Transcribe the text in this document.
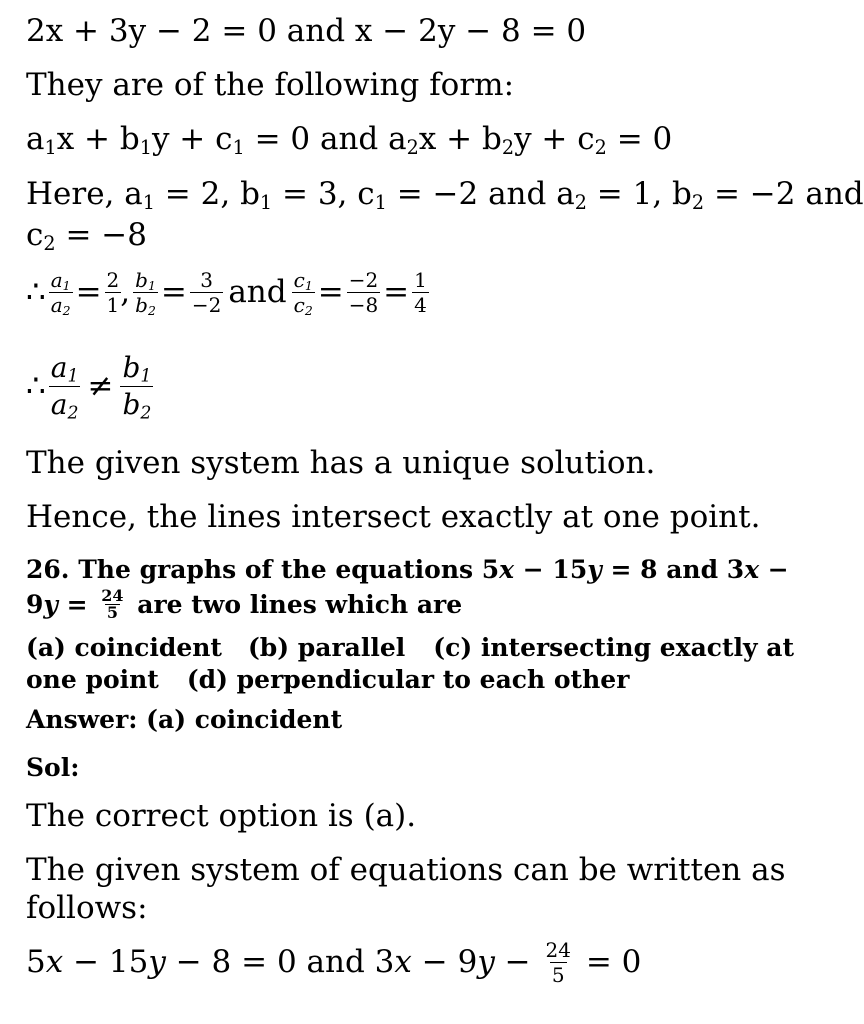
2x + 3y − 2 = 0 and x − 2y − 8 = 0
They are of the following form:
$a_1x + b_1y + c_1 = 0$ and $a_2x + b_2y + c_2 = 0$
Here, $a_1 = 2$, $b_1 = 3$, $c_1 = -2$ and $a_2 = 1$, $b_2 = -2$ and
$c_2 = -8$
∴ $\frac{a_1}{a_2} = \frac{2}{1}$ , $\frac{b_1}{b_2} = \frac{3}{-2}$ and $\frac{c_1}{c_2} = \frac{-2}{-8} = \frac{1}{4}$
∴ $\frac{a_1}{a_2} \ne \frac{b_1}{b_2}$
The given system has a unique solution.
Hence, the lines intersect exactly at one point.
26. The graphs of the equations 5x − 15y = 8 and 3x −
9 $y = \frac{24}{5}$ are two lines which are
(a) coincident (b) parallel (c) intersecting exactly at
one point (d) perpendicular to each other
Answer: (a) coincident
Sol:
The correct option is (a).
The given system of equations can be written as
follows:
5 x − 15 y − 8 = 0 and 3 x − 9 $y - \frac{24}{5} = 0$
